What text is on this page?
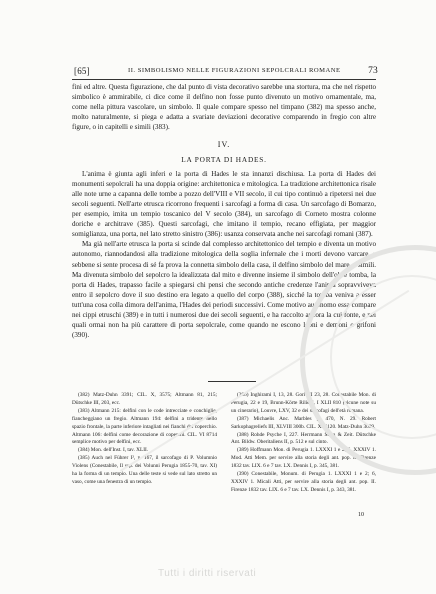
[65]	II. SIMBOLISMO NELLE FIGURAZIONI SEPOLCRALI ROMANE	73

fini ed altre. Questa figurazione, che dal punto di vista decorativo sarebbe una storturа, ma che nel rispetto simbolico è ammirabile, ci dice come il delfino non fosse punto divenuto un motivo ornamentale, ma, come nella pittura vascolare, un simbolo. Il quale compare spesso nel timpano (382) ma spesso anche, molto naturalmente, si piega e adatta a svariate deviazioni decorative comparendo in fregio con altre figure, o in capitelli e simili (383).

IV.
LA PORTA DI HADES.

L'anima è giunta agli inferi e la porta di Hades le sta innanzi dischiusa. La porta di Hades dei monumenti sepolcrali ha una doppia origine: architettonica e mitologica. La tradizione architettonica risale alle note urne a capanna delle tombe a pozzo dell'VIII e VII secolo, il cui tipo continuò a ripetersi nei due secoli seguenti. Nell'arte etrusca ricorrono frequenti i sarcofagi a forma di casa. Un sarcofago di Bomarzo, per esempio, imita un tempio toscanico del V secolo (384), un sarcofago di Corneto mostra colonne doriche e architrave (385). Questi sarcofagi, che imitano il tempio, recano effigiata, per maggior somiglianza, una porta, nel lato stretto sinistro (386): usanza conservata anche nei sarcofagi romani (387).

Ma già nell'arte etrusca la porta si scinde dal complesso architettonico del tempio e diventa un motivo autonomo, riannodandosi alla tradizione mitologica della soglia infernale che i morti devono varcare, e sebbene si sente procesa di sé fa prova la connetta simbolo della casa, il delfino simbolo del mare, e simili. Ma divenuta simbolo del sepolcro la idealizzata dal mito e divenne insieme il simbolo dell'oltre tomba, la porta di Hades, trapasso facile a spiegarsi chi pensi che secondo antiche credenze l'anima sopravviveva entro il sepolcro dove il suo destino era legato a quello del corpo (388), sicché la tomba veniva a esser tutt'una cosa colla dimora dell'anima, l'Hades dei periodi successivi. Come motivo autonomo essa compare nei cippi etruschi (389) e in tutti i numerosi due dei secoli seguenti, e ha raccolto ancora la cui fonte, e nei quali ormai non ha più carattere di porta sepolcrale, come quando ne escono leoni e demoni o grifoni (390).

(382) Matz-Duhn 3391; CIL. X, 3575; Altmann 81, 215; Dütschke III, 203, ecc.

(383) Altmann 215: delfini con le code intrecciate e conchiglie, fiancheggiano un fregio. Altmann 194: delfini a tridente nello spazio frontale, la parte inferiore intagliati nei fianchi del coperchio. Altmann 106: delfini come decorazione di coperchi. CIL. VI 8714 semplice motivo per delfini, ecc.

(384) Mon. dell'Inst. I, tav. XLII.

(385) Auch nel Führer I², p. 167, il sarcofago di P. Volumnio Violens (Conestabile, Il sep. dei Volunni Perugia 1855-70, tav. XI) ha la forma di un tempio. Una delle teste si vede sul lato stretto un vaso, come una fenestra di un tempio.

(386) Inghirami I, 13, 28. Gori III 23, 28. Conestabile Mon. di Perugia, 22 e 19, Brunn-Körte Rilievi, I XLII 810 (alcune note su un cinerario), Louvre, LXV, 32 e dei sarcofagi dell'età romana.

(387) Michaelis Anc. Marbles p. 470, N. 29. Robert Sarkophagreliefs III, XLVIII 300b. CIL. XI 6120. Matz-Duhn 3099.

(388) Rohde Psyche I, 227. Herrmann Sunn & Zeit. Dütschke Ant. Bildw. Oberitaliens II, p. 512 e sul cinto.

(389) Hoffmann Mon. di Perugia 1. LXXXI 1 e 2; 6, XXXIV 1. Mod. Atti Mem. per servire alla storia degli ant. pop. II. Firenze 1832 tav. LIX. 6 e 7 tav. LX. Dennis I, p. 345, 381.

(390) Conestabile, Monum. di Perugia 1. LXXXI 1 e 2; 6, XXXIV 1. Micali Atti, per servire alla storia degli ant. pop. II. Firenze 1832 tav. LIX. 6 e 7 tav. LX. Dennis I, p. 343, 381.

10
Tutti i diritti riservati
